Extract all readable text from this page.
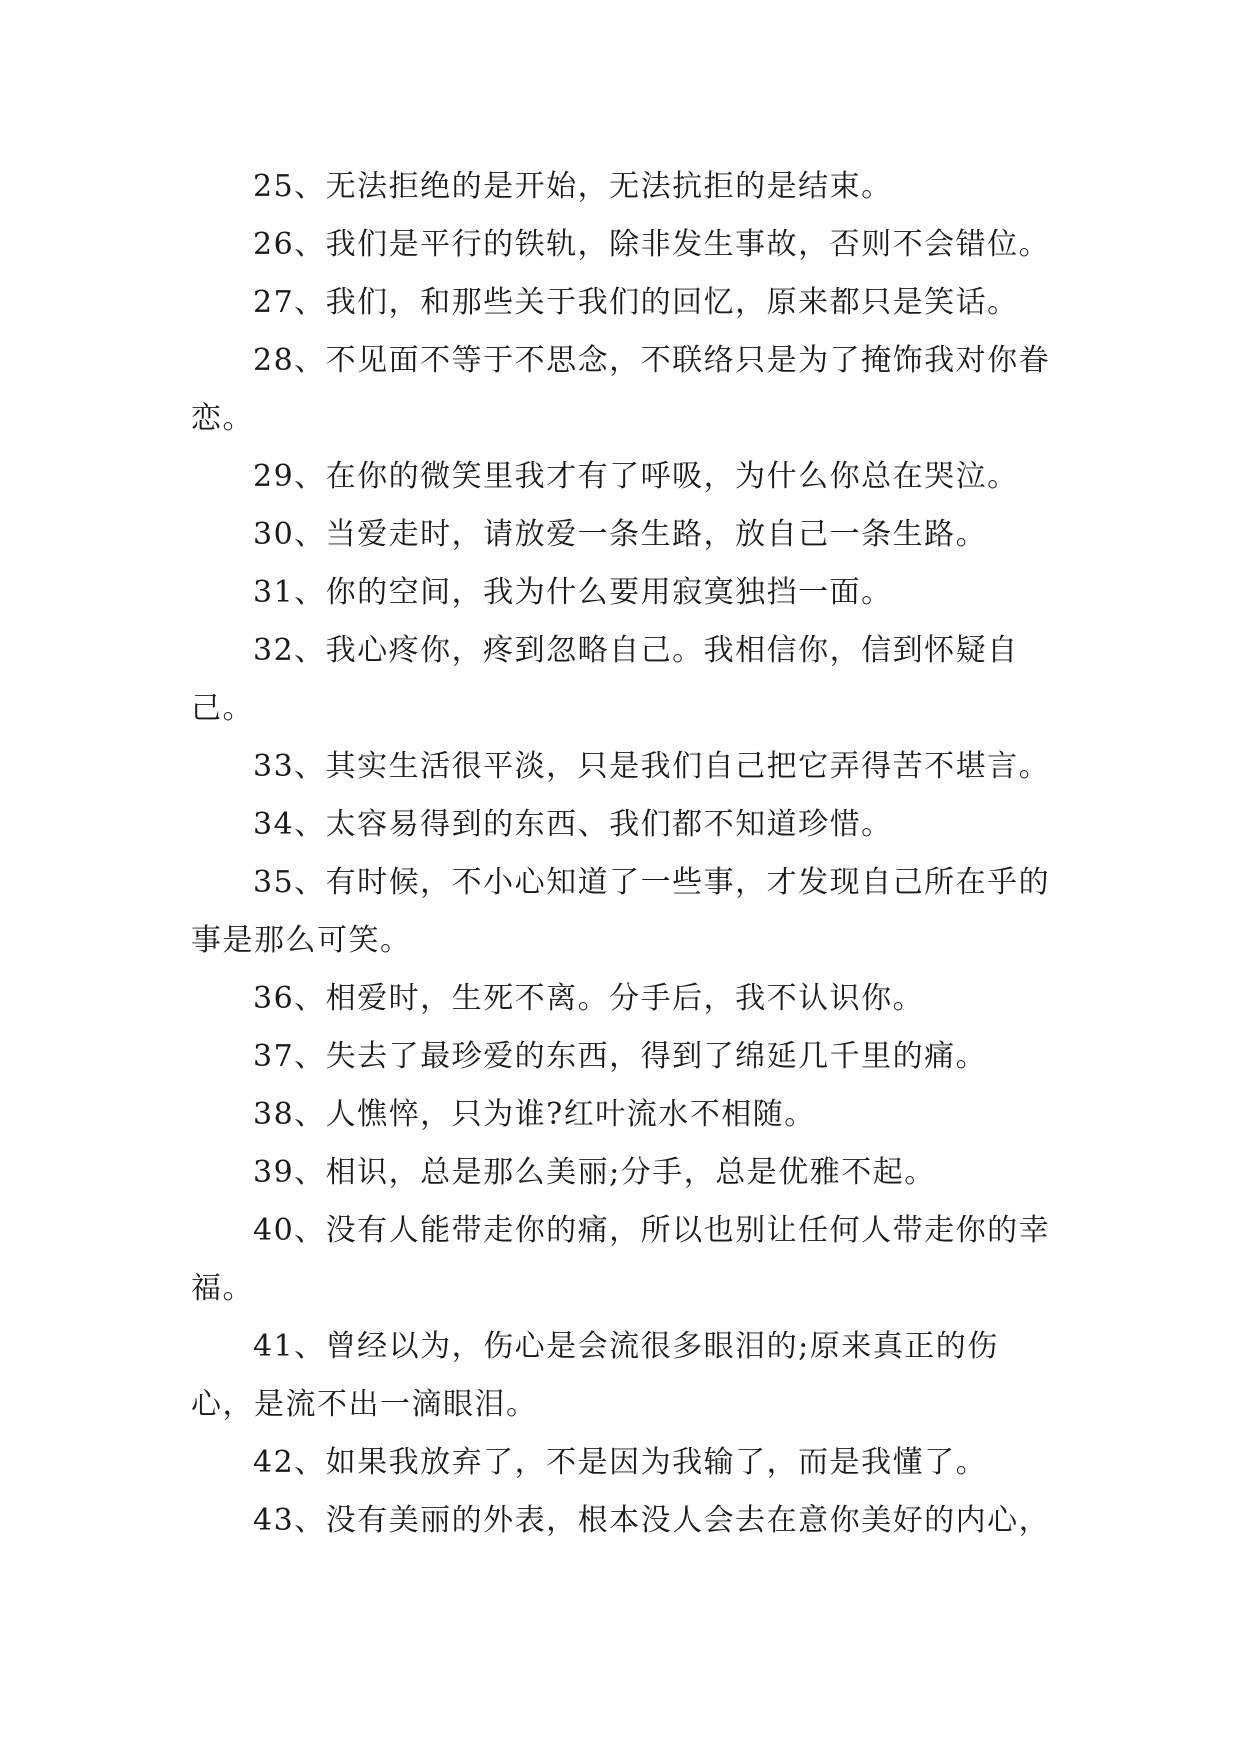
25、无法拒绝的是开始，无法抗拒的是结束。

26、我们是平行的铁轨，除非发生事故，否则不会错位。

27、我们，和那些关于我们的回忆，原来都只是笑话。

28、不见面不等于不思念，不联络只是为了掩饰我对你眷恋。

29、在你的微笑里我才有了呼吸，为什么你总在哭泣。

30、当爱走时，请放爱一条生路，放自己一条生路。

31、你的空间，我为什么要用寂寞独挡一面。

32、我心疼你，疼到忽略自己。我相信你，信到怀疑自己。

33、其实生活很平淡，只是我们自己把它弄得苦不堪言。

34、太容易得到的东西、我们都不知道珍惜。

35、有时候，不小心知道了一些事，才发现自己所在乎的事是那么可笑。

36、相爱时，生死不离。分手后，我不认识你。

37、失去了最珍爱的东西，得到了绵延几千里的痛。

38、人憔悴，只为谁?红叶流水不相随。

39、相识，总是那么美丽;分手，总是优雅不起。

40、没有人能带走你的痛，所以也别让任何人带走你的幸福。

41、曾经以为，伤心是会流很多眼泪的;原来真正的伤心，是流不出一滴眼泪。

42、如果我放弃了，不是因为我输了，而是我懂了。

43、没有美丽的外表，根本没人会去在意你美好的内心，
